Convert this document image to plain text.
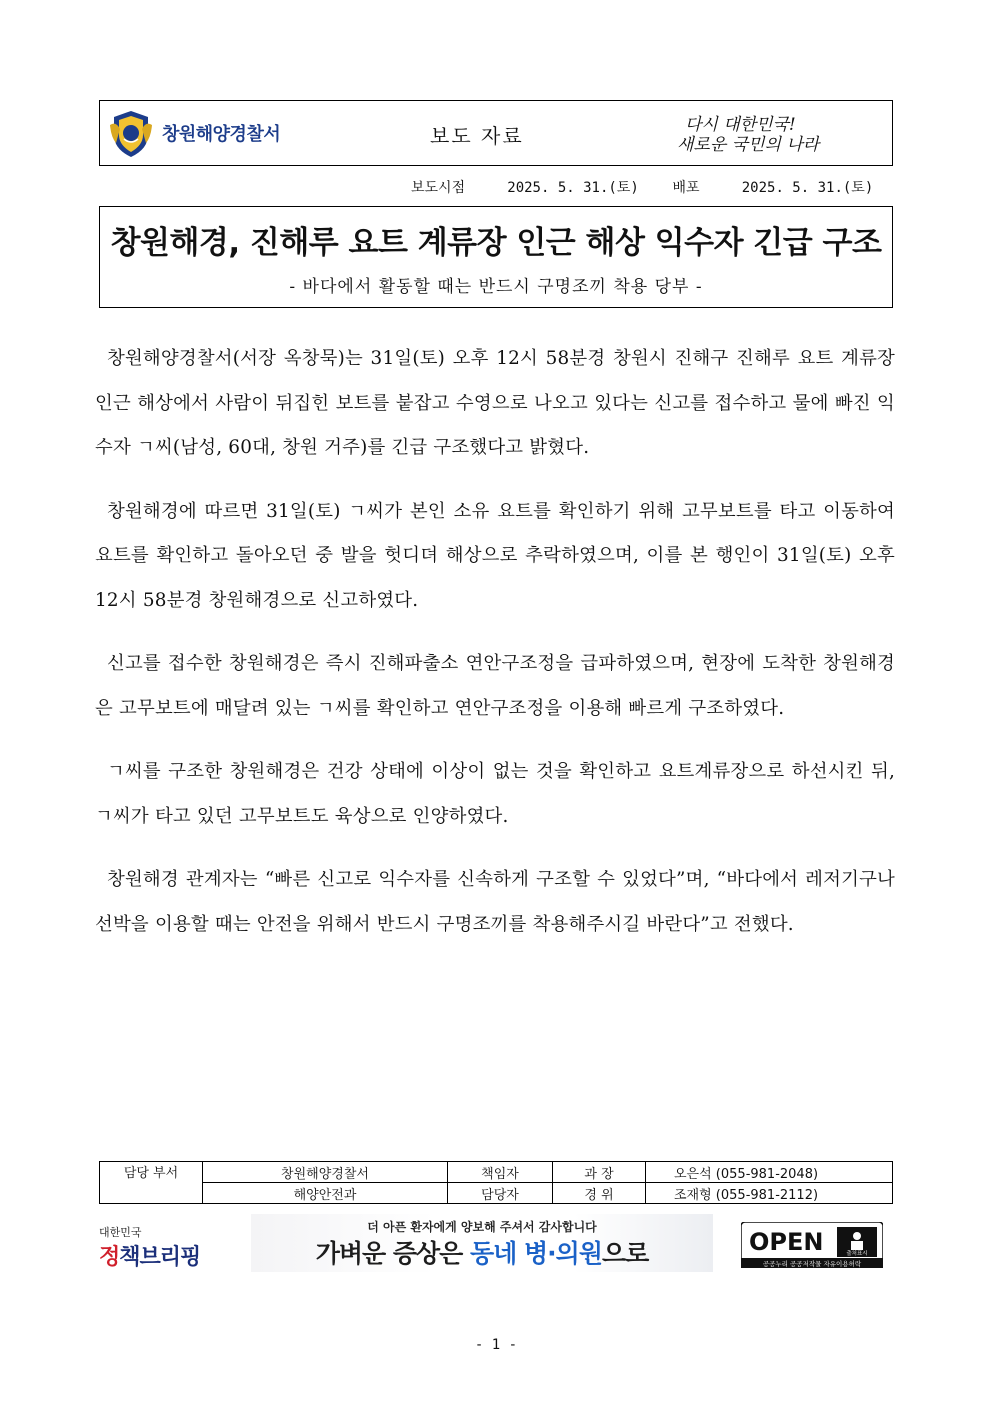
창원해양경찰서	보도 자료	다시 대한민국!
새로운 국민의 나라
보도시점	2025. 5. 31.(토) 배포	2025. 5. 31.(토)
창원해경, 진해루 요트 계류장 인근 해상 익수자 긴급 구조
- 바다에서 활동할 때는 반드시 구명조끼 착용 당부 -

창원해양경찰서(서장 옥창묵)는 31일(토) 오후 12시 58분경 창원시 진해구 진해루 요트 계류장 인근 해상에서 사람이 뒤집힌 보트를 붙잡고 수영으로 나오고 있다는 신고를 접수하고 물에 빠진 익수자 ㄱ씨(남성, 60대, 창원 거주)를 긴급 구조했다고 밝혔다.

창원해경에 따르면 31일(토) ㄱ씨가 본인 소유 요트를 확인하기 위해 고무보트를 타고 이동하여 요트를 확인하고 돌아오던 중 발을 헛디뎌 해상으로 추락하였으며, 이를 본 행인이 31일(토) 오후 12시 58분경 창원해경으로 신고하였다.

신고를 접수한 창원해경은 즉시 진해파출소 연안구조정을 급파하였으며, 현장에 도착한 창원해경은 고무보트에 매달려 있는 ㄱ씨를 확인하고 연안구조정을 이용해 빠르게 구조하였다.

ㄱ씨를 구조한 창원해경은 건강 상태에 이상이 없는 것을 확인하고 요트계류장으로 하선시킨 뒤, ㄱ씨가 타고 있던 고무보트도 육상으로 인양하였다.

창원해경 관계자는 “빠른 신고로 익수자를 신속하게 구조할 수 있었다”며, “바다에서 레저기구나 선박을 이용할 때는 안전을 위해서 반드시 구명조끼를 착용해주시길 바란다”고 전했다.

담당 부서	창원해양경찰서	책임자	과 장	오은석 (055-981-2048)
	해양안전과	담당자	경 위	조재형 (055-981-2112)
대한민국
정책브리핑
더 아픈 환자에게 양보해 주셔서 감사합니다
가벼운 증상은 동네 병·의원으로	OPEN	출처표시
공공누리 공공저작물 자유이용허락
- 1 -
